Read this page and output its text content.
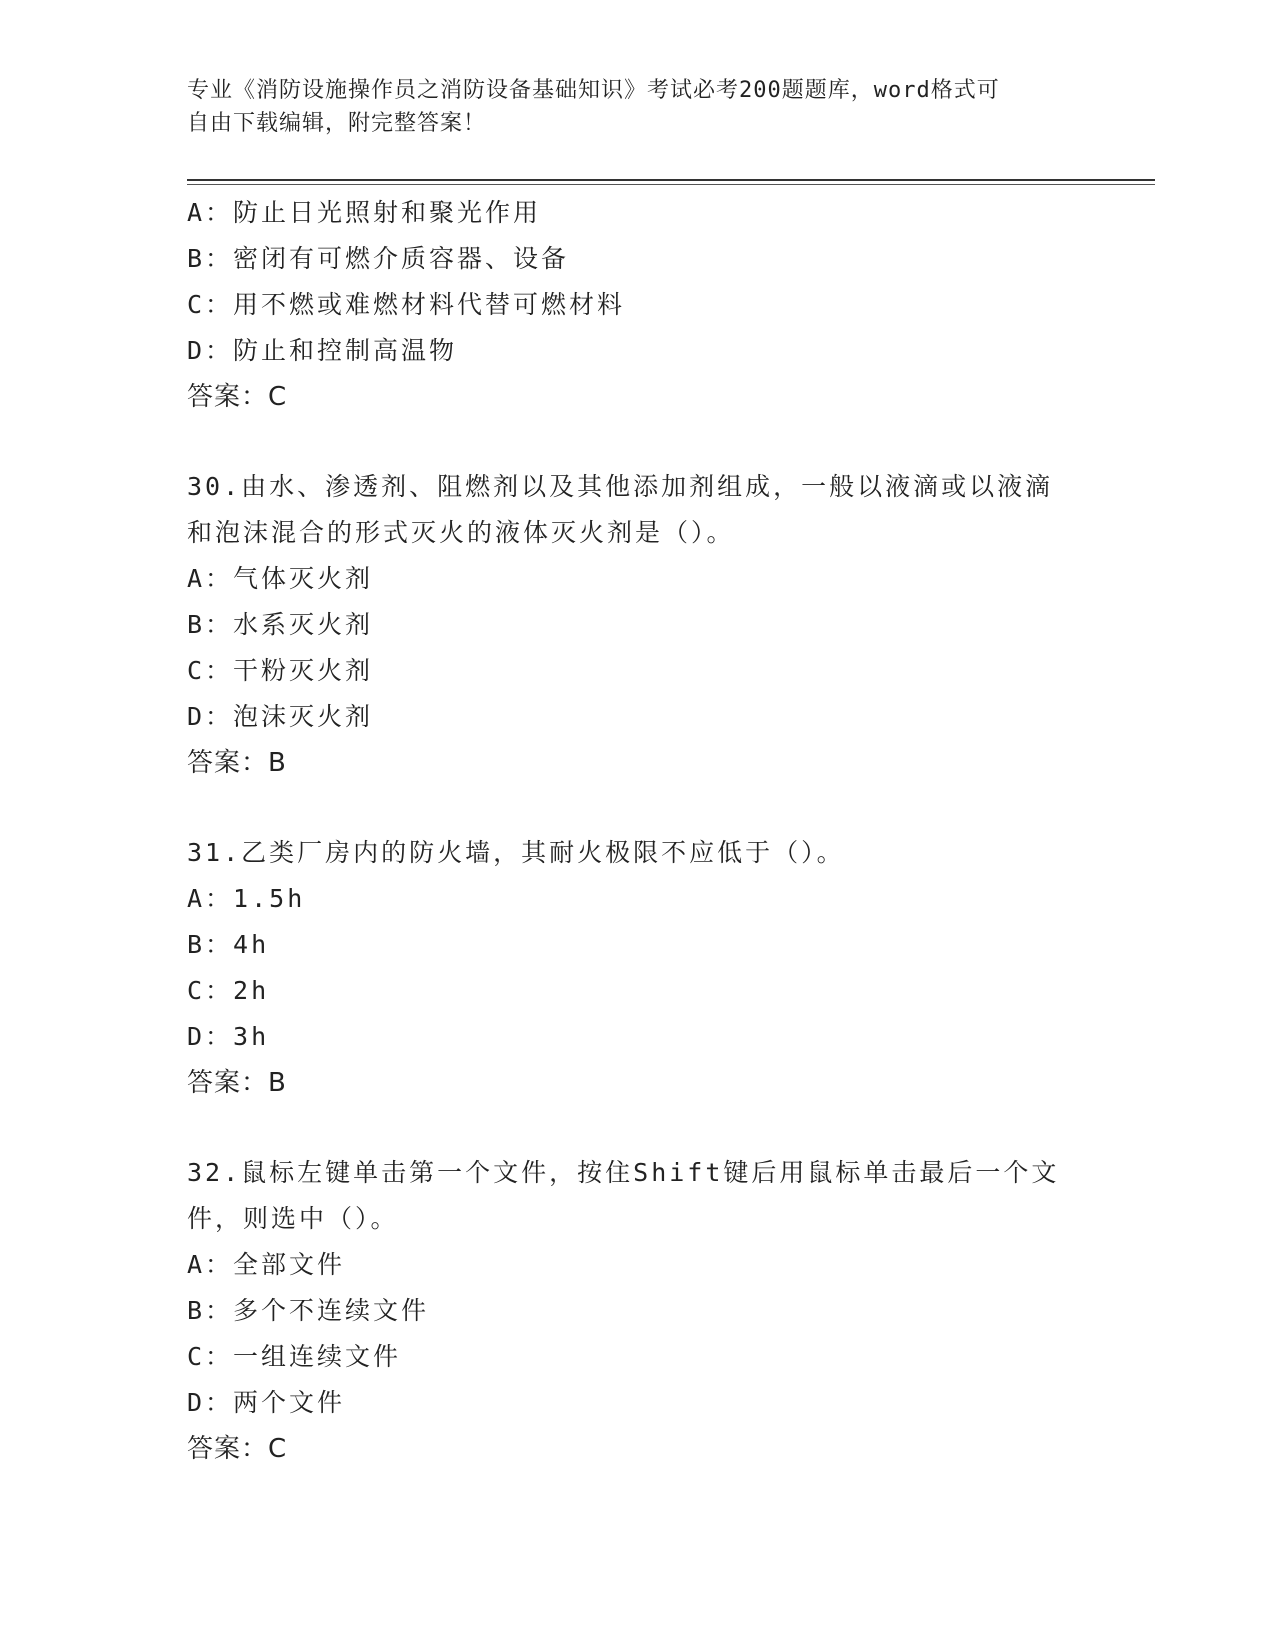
专业《消防设施操作员之消防设备基础知识》考试必考200题题库，word格式可
自由下载编辑，附完整答案！
A：防止日光照射和聚光作用
B：密闭有可燃介质容器、设备
C：用不燃或难燃材料代替可燃材料
D：防止和控制高温物
答案：C
30.由水、渗透剂、阻燃剂以及其他添加剂组成，一般以液滴或以液滴
和泡沫混合的形式灭火的液体灭火剂是（）。
A：气体灭火剂
B：水系灭火剂
C：干粉灭火剂
D：泡沫灭火剂
答案：B
31.乙类厂房内的防火墙，其耐火极限不应低于（）。
A：1.5h
B：4h
C：2h
D：3h
答案：B
32.鼠标左键单击第一个文件，按住Shift键后用鼠标单击最后一个文
件，则选中（）。
A：全部文件
B：多个不连续文件
C：一组连续文件
D：两个文件
答案：C
